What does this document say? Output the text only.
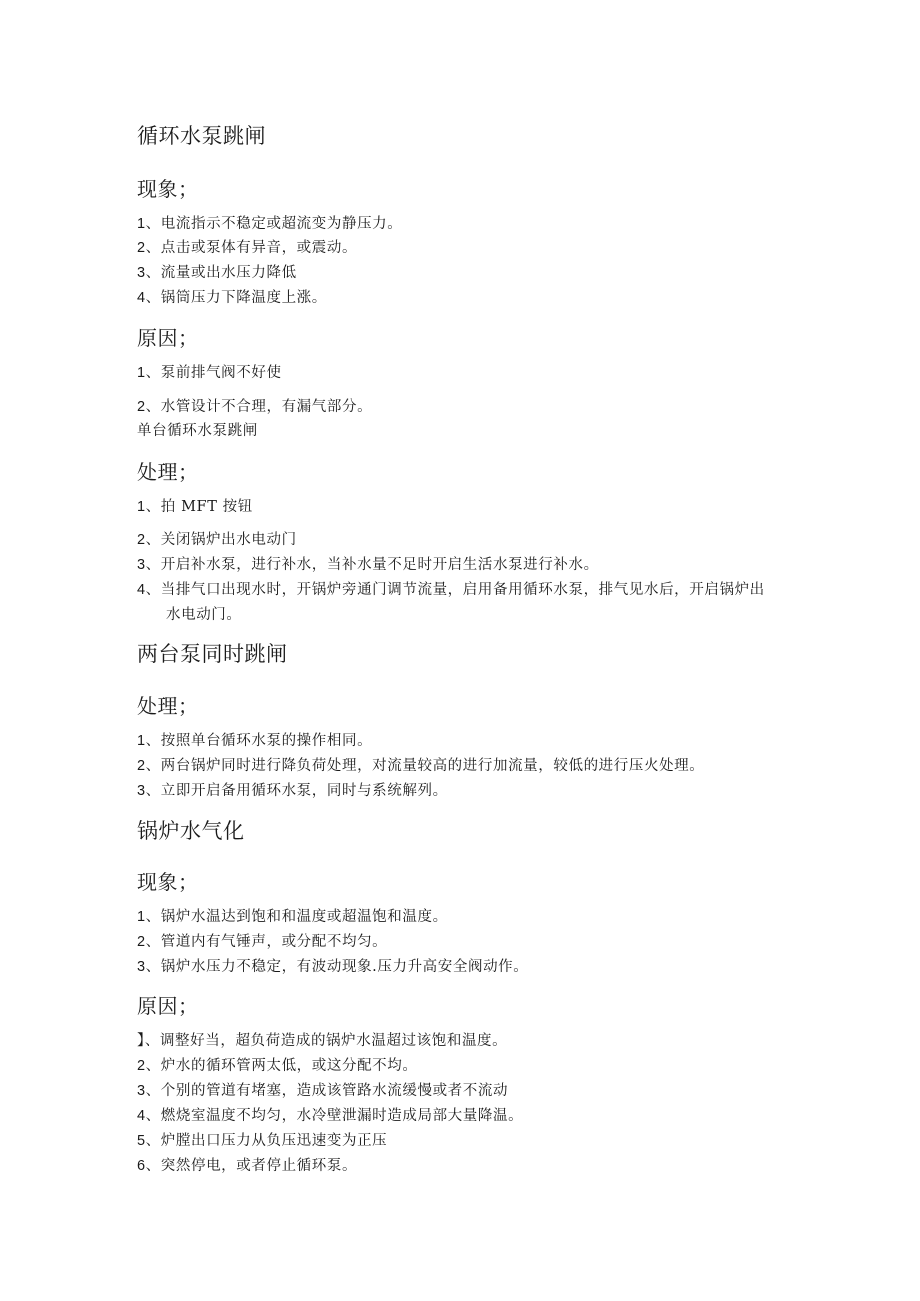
循环水泵跳闸
现象；
1、电流指示不稳定或超流变为静压力。
2、点击或泵体有异音，或震动。
3、流量或出水压力降低
4、锅筒压力下降温度上涨。
原因；
1、泵前排气阀不好使
2、水管设计不合理，有漏气部分。
单台循环水泵跳闸
处理；
1、拍 MFT 按钮
2、关闭锅炉出水电动门
3、开启补水泵，进行补水，当补水量不足时开启生活水泵进行补水。
4、当排气口出现水时，开锅炉旁通门调节流量，启用备用循环水泵，排气见水后，开启锅炉出
水电动门。
两台泵同时跳闸
处理；
1、按照单台循环水泵的操作相同。
2、两台锅炉同时进行降负荷处理，对流量较高的进行加流量，较低的进行压火处理。
3、立即开启备用循环水泵，同时与系统解列。
锅炉水气化
现象；
1、锅炉水温达到饱和和温度或超温饱和温度。
2、管道内有气锤声，或分配不均匀。
3、锅炉水压力不稳定，有波动现象.压力升高安全阀动作。
原因；
】、调整好当，超负荷造成的锅炉水温超过该饱和温度。
2、炉水的循环管两太低，或这分配不均。
3、个别的管道有堵塞，造成该管路水流缓慢或者不流动
4、燃烧室温度不均匀，水冷壁泄漏时造成局部大量降温。
5、炉膛出口压力从负压迅速变为正压
6、突然停电，或者停止循环泵。
